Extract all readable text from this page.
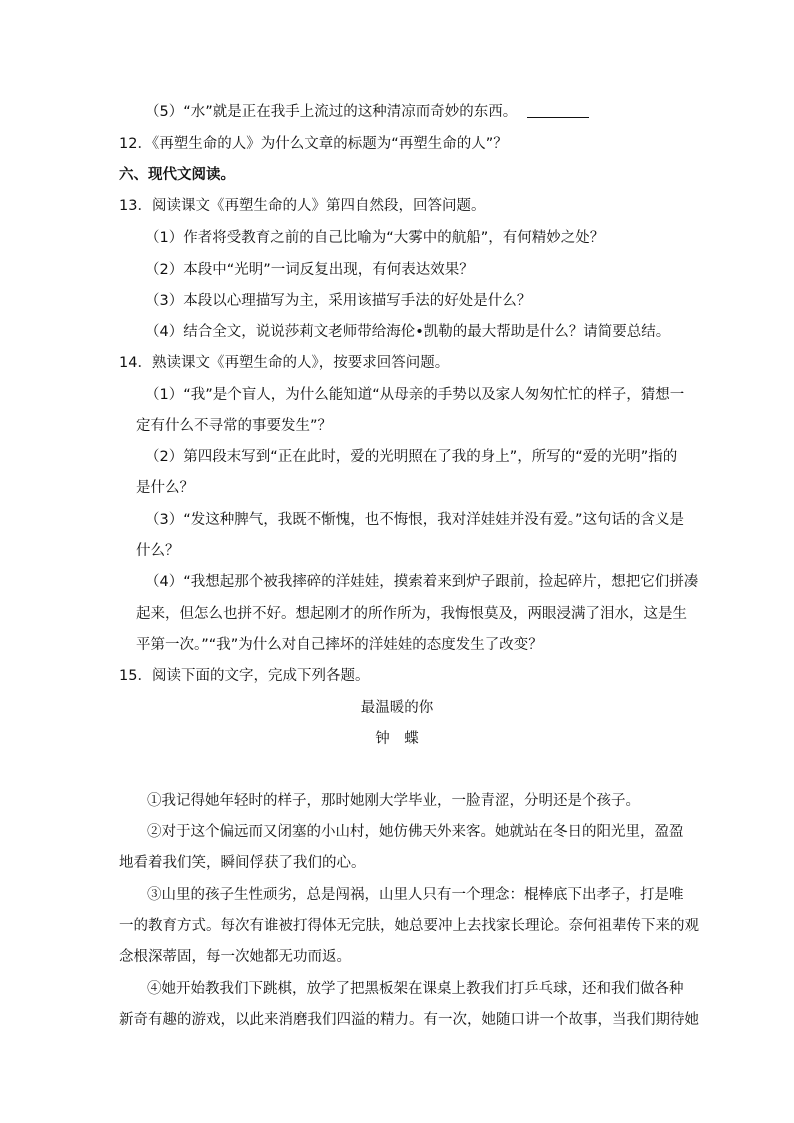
（5）“水”就是正在我手上流过的这种清凉而奇妙的东西。
12．《再塑生命的人》为什么文章的标题为“再塑生命的人”？
六、现代文阅读。
13．阅读课文《再塑生命的人》第四自然段，回答问题。
（1）作者将受教育之前的自己比喻为“大雾中的航船”，有何精妙之处？
（2）本段中“光明”一词反复出现，有何表达效果？
（3）本段以心理描写为主，采用该描写手法的好处是什么？
（4）结合全文，说说莎莉文老师带给海伦•凯勒的最大帮助是什么？请简要总结。
14．熟读课文《再塑生命的人》，按要求回答问题。
（1）“我”是个盲人，为什么能知道“从母亲的手势以及家人匆匆忙忙的样子，猜想一
定有什么不寻常的事要发生”？
（2）第四段末写到“正在此时，爱的光明照在了我的身上”，所写的“爱的光明”指的
是什么？
（3）“发这种脾气，我既不惭愧，也不悔恨，我对洋娃娃并没有爱。”这句话的含义是
什么？
（4）“我想起那个被我摔碎的洋娃娃，摸索着来到炉子跟前，捡起碎片，想把它们拼凑
起来，但怎么也拼不好。想起刚才的所作所为，我悔恨莫及，两眼浸满了泪水，这是生
平第一次。”“我”为什么对自己摔坏的洋娃娃的态度发生了改变？
15．阅读下面的文字，完成下列各题。
最温暖的你
钟　蝶
①我记得她年轻时的样子，那时她刚大学毕业，一脸青涩，分明还是个孩子。
②对于这个偏远而又闭塞的小山村，她仿佛天外来客。她就站在冬日的阳光里，盈盈
地看着我们笑，瞬间俘获了我们的心。
③山里的孩子生性顽劣，总是闯祸，山里人只有一个理念：棍棒底下出孝子，打是唯
一的教育方式。每次有谁被打得体无完肤，她总要冲上去找家长理论。奈何祖辈传下来的观
念根深蒂固，每一次她都无功而返。
④她开始教我们下跳棋，放学了把黑板架在课桌上教我们打乒乓球，还和我们做各种
新奇有趣的游戏，以此来消磨我们四溢的精力。有一次，她随口讲一个故事，当我们期待她
